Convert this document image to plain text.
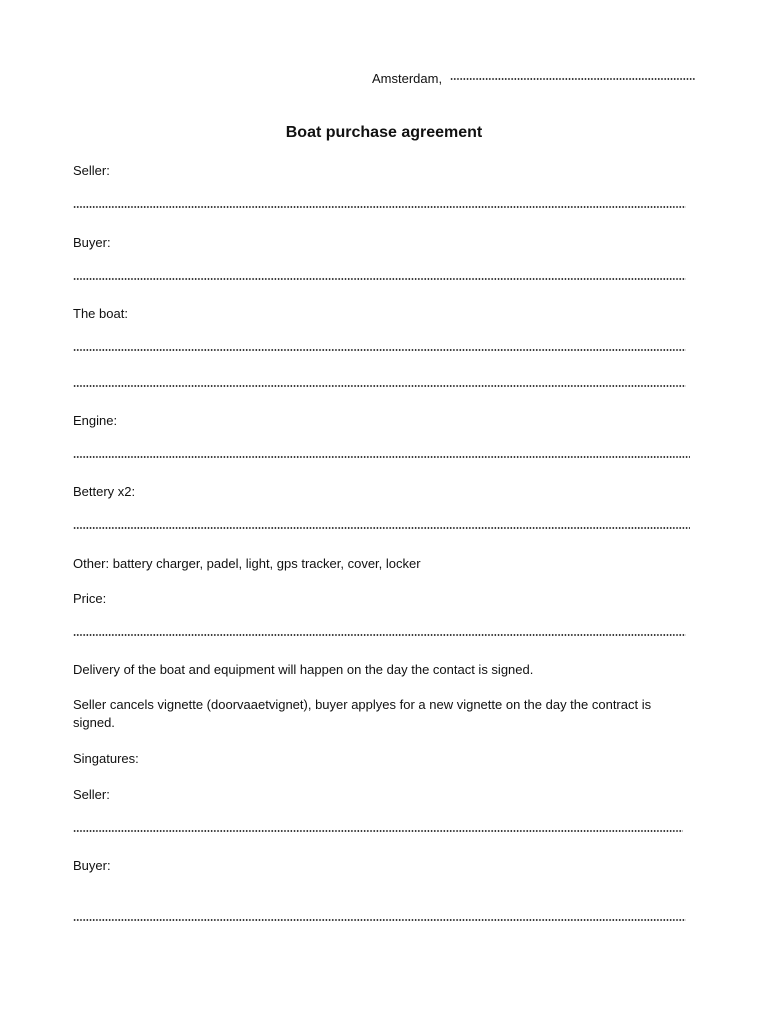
Amsterdam,
Boat purchase agreement
Seller:
Buyer:
The boat:
Engine:
Bettery x2:
Other: battery charger, padel, light, gps tracker, cover, locker
Price:
Delivery of the boat and equipment will happen on the day the contact is signed.
Seller cancels vignette (doorvaaetvignet), buyer applyes for a new vignette on the day the contract is signed.
Singatures:
Seller:
Buyer:
